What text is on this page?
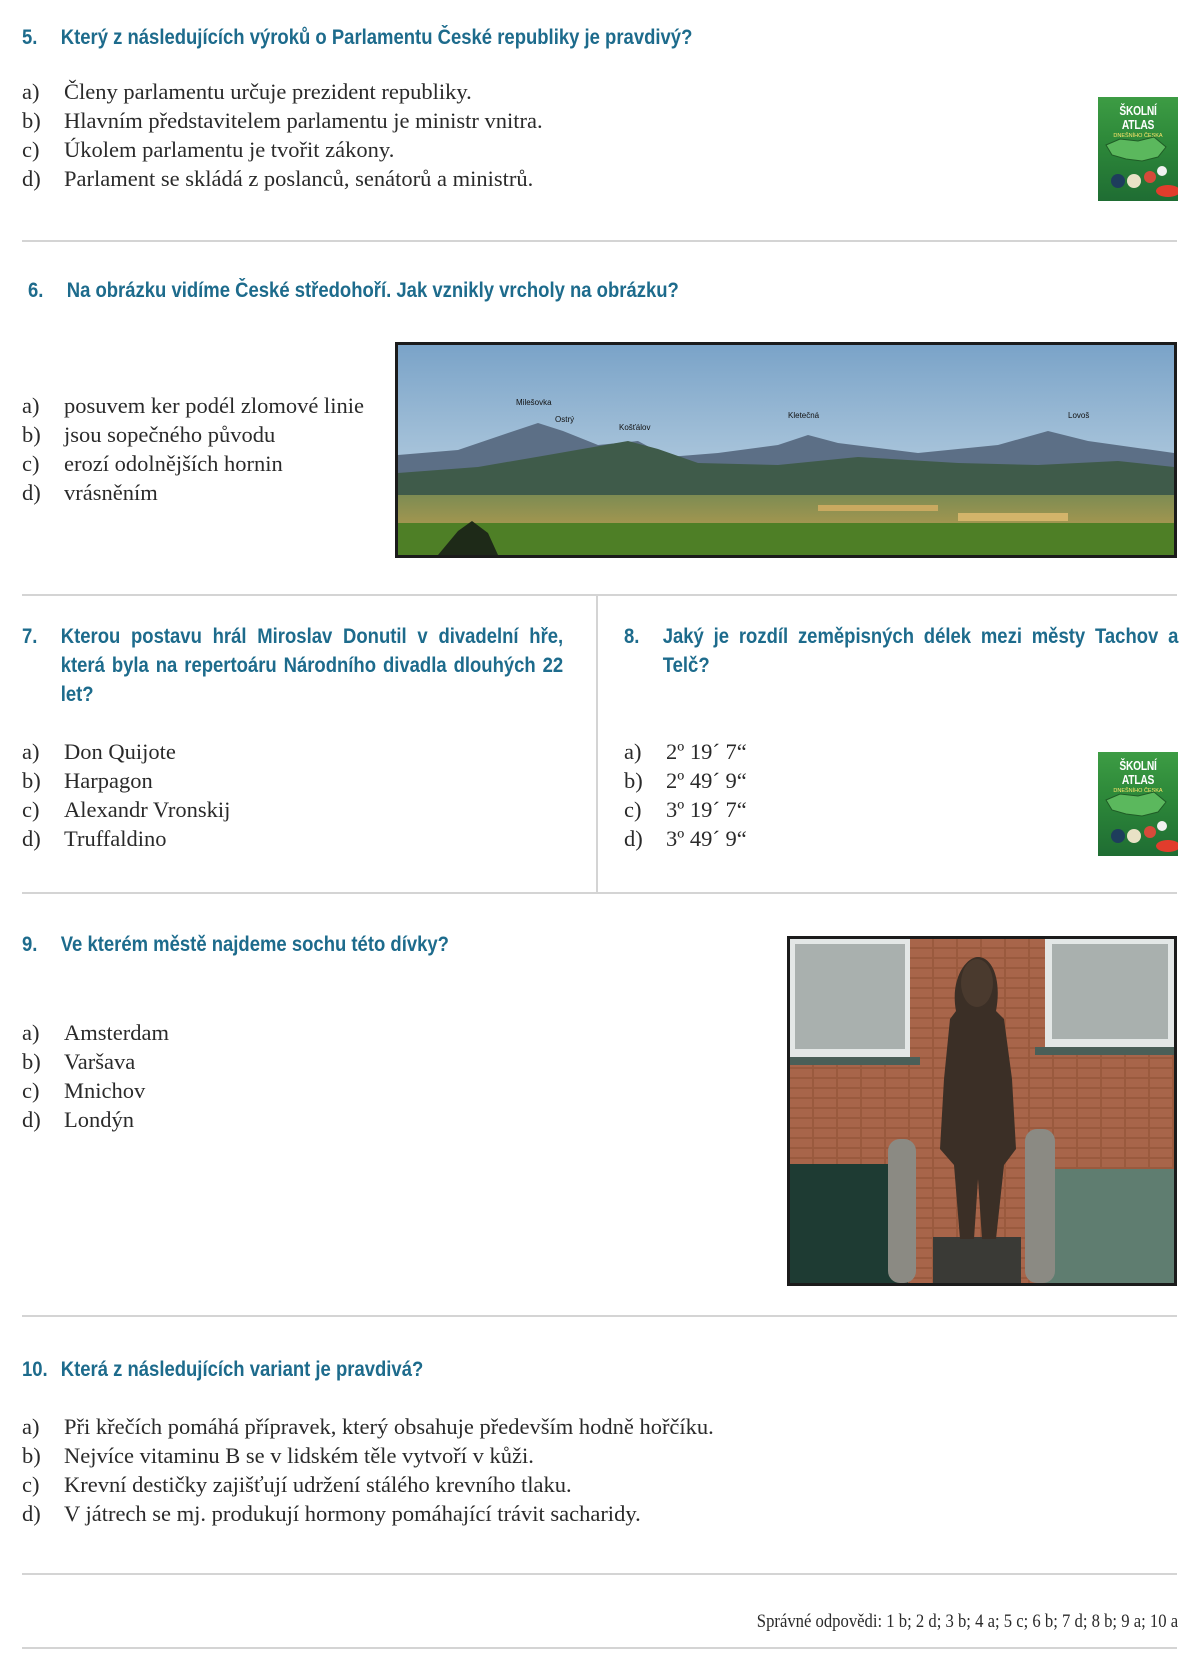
5. Který z následujících výroků o Parlamentu České republiky je pravdivý?
a)	Členy parlamentu určuje prezident republiky.
b)	Hlavním představitelem parlamentu je ministr vnitra.
c)	Úkolem parlamentu je tvořit zákony.
d)	Parlament se skládá z poslanců, senátorů a ministrů.
ŠKOLNÍ ATLAS
DNEŠNÍHO ČESKA
6. Na obrázku vidíme České středohoří. Jak vznikly vrcholy na obrázku?
a)	posuvem ker podél zlomové linie
b)	jsou sopečného původu
c)	erozí odolnějších hornin
d)	vrásněním
Milešovka
Ostrý
Košťálov
Kletečná	Lovoš
7.	Kterou postavu hrál Miroslav Donutil v divadelní hře, která byla na repertoáru Národního divadla dlouhých 22 let?
a)	Don Quijote
b)	Harpagon
c)	Alexandr Vronskij
d)	Truffaldino
8.	Jaký je rozdíl zeměpisných délek mezi městy Tachov a Telč?
a)	2º 19´ 7“
b)	2º 49´ 9“
c)	3º 19´ 7“
d)	3º 49´ 9“
ŠKOLNÍ ATLAS
DNEŠNÍHO ČESKA
9. Ve kterém městě najdeme sochu této dívky?
a)	Amsterdam
b)	Varšava
c)	Mnichov
d)	Londýn
10. Která z následujících variant je pravdivá?
a)	Při křečích pomáhá přípravek, který obsahuje především hodně hořčíku.
b)	Nejvíce vitaminu B se v lidském těle vytvoří v kůži.
c)	Krevní destičky zajišťují udržení stálého krevního tlaku.
d)	V játrech se mj. produkují hormony pomáhající trávit sacharidy.
Správné odpovědi: 1 b; 2 d; 3 b; 4 a; 5 c; 6 b; 7 d; 8 b; 9 a; 10 a
